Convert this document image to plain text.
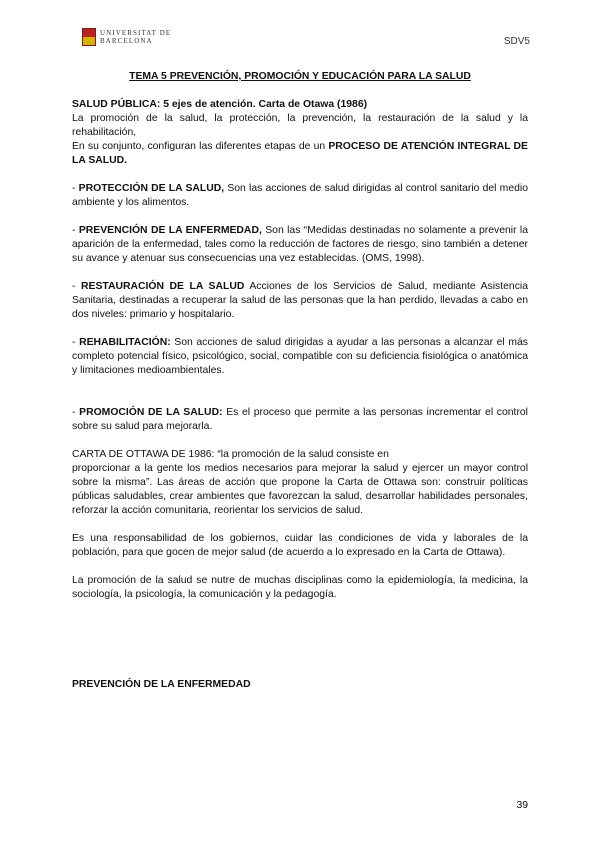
UNIVERSITAT DE
BARCELONA	SDV5
TEMA 5 PREVENCIÓN, PROMOCIÓN Y EDUCACIÓN PARA LA SALUD

SALUD PÚBLICA: 5 ejes de atención. Carta de Otawa (1986)

La promoción de la salud, la protección, la prevención, la restauración de la salud y la rehabilitación,

En su conjunto, configuran las diferentes etapas de un PROCESO DE ATENCIÓN INTEGRAL DE LA SALUD.

- PROTECCIÓN DE LA SALUD, Son las acciones de salud dirigidas al control sanitario del medio ambiente y los alimentos.

- PREVENCIÓN DE LA ENFERMEDAD, Son las “Medidas destinadas no solamente a prevenir la aparición de la enfermedad, tales como la reducción de factores de riesgo, sino también a detener su avance y atenuar sus consecuencias una vez establecidas. (OMS, 1998).

- RESTAURACIÓN DE LA SALUD Acciones de los Servicios de Salud, mediante Asistencia Sanitaria, destinadas a recuperar la salud de las personas que la han perdido, llevadas a cabo en dos niveles: primario y hospitalario.

- REHABILITACIÓN: Son acciones de salud dirigidas a ayudar a las personas a alcanzar el más completo potencial físico, psicológico, social, compatible con su deficiencia fisiológica o anatómica y limitaciones medioambientales.

- PROMOCIÓN DE LA SALUD: Es el proceso que permite a las personas incrementar el control sobre su salud para mejorarla.

CARTA DE OTTAWA DE 1986: “la promoción de la salud consiste en

proporcionar a la gente los medios necesarios para mejorar la salud y ejercer un mayor control sobre la misma”. Las áreas de acción que propone la Carta de Ottawa son: construir políticas públicas saludables, crear ambientes que favorezcan la salud, desarrollar habilidades personales, reforzar la acción comunitaria, reorientar los servicios de salud.

Es una responsabilidad de los gobiernos, cuidar las condiciones de vida y laborales de la población, para que gocen de mejor salud (de acuerdo a lo expresado en la Carta de Ottawa).

La promoción de la salud se nutre de muchas disciplinas como la epidemiología, la medicina, la sociología, la psicología, la comunicación y la pedagogía.

PREVENCIÓN DE LA ENFERMEDAD
39
